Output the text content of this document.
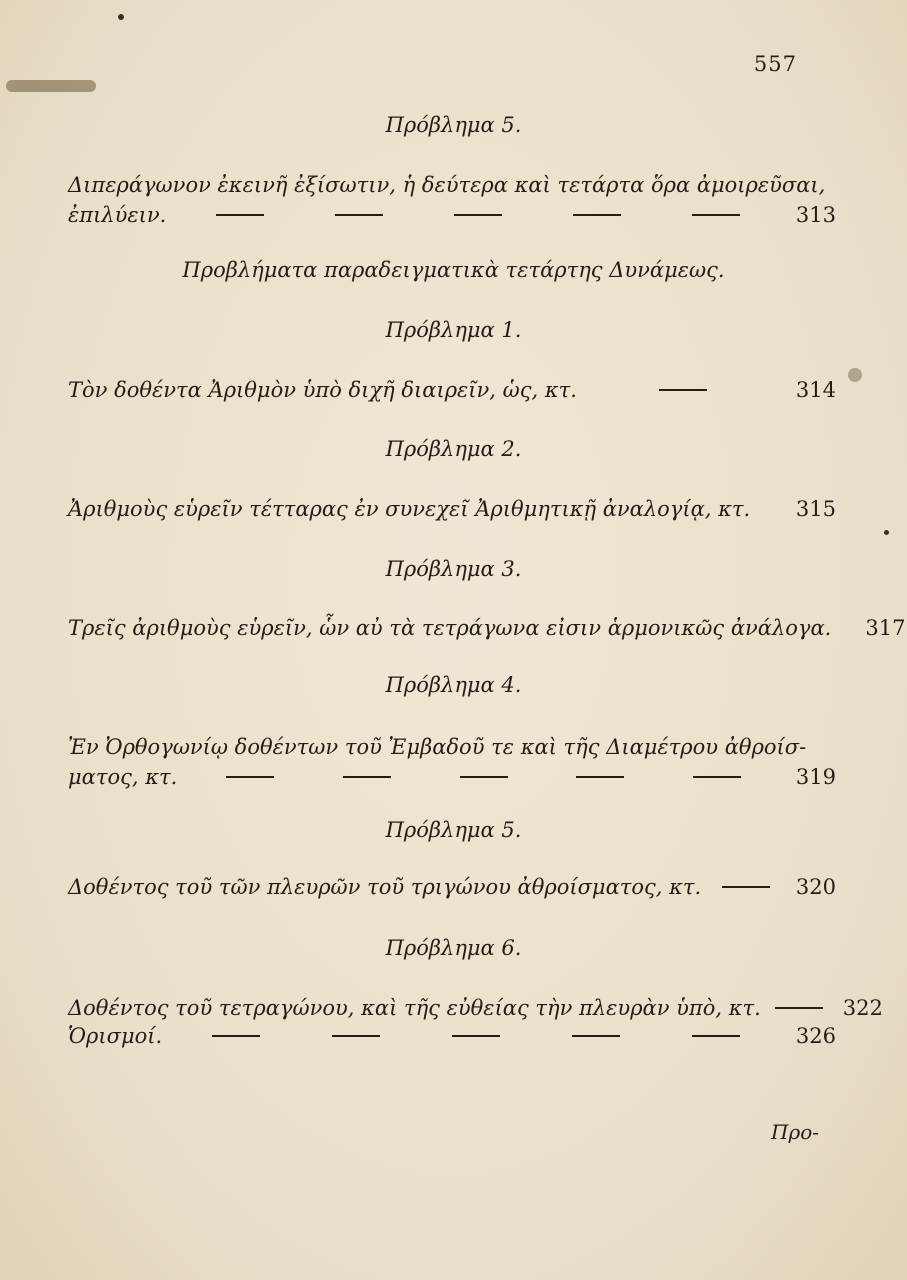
557
Πρόβλημα 5.
Διπεράγωνον ἐκεινῆ ἐξίσωτιν, ἡ δεύτερα καὶ τετάρτα ὅρα ἀμοιρεῦσαι,
ἐπιλύειν.	313
Προβλήματα παραδειγματικὰ τετάρτης Δυνάμεως.
Πρόβλημα 1.
Τὸν δοθέντα Ἀριθμὸν ὑπὸ διχῆ διαιρεῖν, ὡς, κτ.	314
Πρόβλημα 2.
Ἀριθμοὺς εὑρεῖν τέτταρας ἐν συνεχεῖ Ἀριθμητικῇ ἀναλογίᾳ, κτ. 315
Πρόβλημα 3.
Τρεῖς ἀριθμοὺς εὑρεῖν, ὧν αὐ τὰ τετράγωνα εἰσιν ἁρμονικῶς ἀνάλογα. 317
Πρόβλημα 4.
Ἐν Ὀρθογωνίῳ δοθέντων τοῦ Ἐμβαδοῦ τε καὶ τῆς Διαμέτρου ἀθροίσ-
ματος, κτ.	319
Πρόβλημα 5.
Δοθέντος τοῦ τῶν πλευρῶν τοῦ τριγώνου ἀθροίσματος, κτ.	320
Πρόβλημα 6.
Δοθέντος τοῦ τετραγώνου, καὶ τῆς εὐθείας τὴν πλευρὰν ὑπὸ, κτ.	322
Ὁρισμοί.	326
Προ-
